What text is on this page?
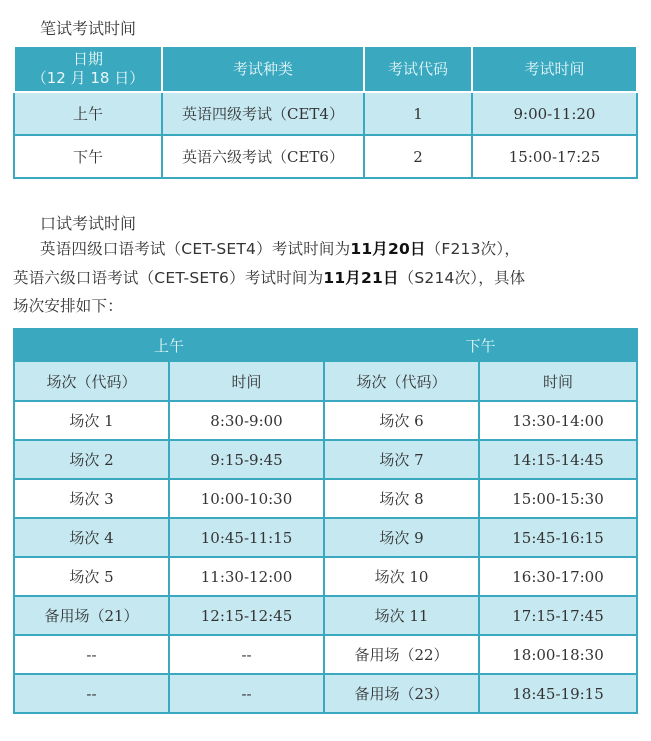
笔试考试时间
日期
（12 月 18 日）	考试种类	考试代码	考试时间
上午	英语四级考试（CET4）	1	9:00-11:20
下午	英语六级考试（CET6）	2	15:00-17:25
口试考试时间
英语四级口语考试（CET-SET4）考试时间为11月20日（F213次），
英语六级口语考试（CET-SET6）考试时间为11月21日（S214次），具体
场次安排如下：
上午		下午	
场次（代码）	时间	场次（代码）	时间
场次 1	8:30-9:00	场次 6	13:30-14:00
场次 2	9:15-9:45	场次 7	14:15-14:45
场次 3	10:00-10:30	场次 8	15:00-15:30
场次 4	10:45-11:15	场次 9	15:45-16:15
场次 5	11:30-12:00	场次 10	16:30-17:00
备用场（21）	12:15-12:45	场次 11	17:15-17:45
--	--	备用场（22）	18:00-18:30
--	--	备用场（23）	18:45-19:15
